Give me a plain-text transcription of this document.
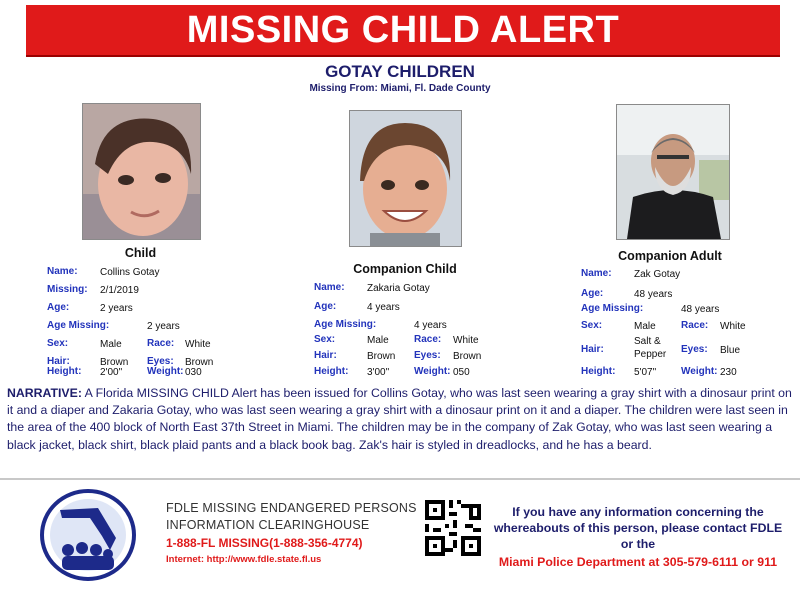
MISSING CHILD ALERT
GOTAY CHILDREN
Missing From: Miami, Fl. Dade County
Child
Name: Collins Gotay
Missing: 2/1/2019
Age:	2 years
Age Missing:	2 years
Sex:	Male	Race: White
Hair:	Brown Eyes: Brown
Height: 2'00" Weight: 030
Companion Child
Name: Zakaria Gotay
Age:	4 years
Age Missing:	4 years
Sex:	Male	Race: White
Hair:	Brown Eyes: Brown
Height: 3'00" Weight: 050
Companion Adult
Name: Zak Gotay
Age:	48 years
Age Missing:	48 years
Sex:	Male	Race: White
Hair:
Salt &
Pepper Eyes: Blue
Height: 5'07" Weight: 230
NARRATIVE: A Florida MISSING CHILD Alert has been issued for Collins Gotay, who was last seen wearing a gray shirt with a dinosaur print on it and a diaper and Zakaria Gotay, who was last seen wearing a gray shirt with a dinosaur print on it and a diaper. The children were last seen in the area of the 400 block of North East 37th Street in Miami. The children may be in the company of Zak Gotay, who was last seen wearing a black jacket, black shirt, black plaid pants and a black book bag. Zak's hair is styled in dreadlocks, and he has a beard.
FDLE MISSING ENDANGERED PERSONS
INFORMATION CLEARINGHOUSE
1-888-FL MISSING(1-888-356-4774)
Internet: http://www.fdle.state.fl.us
If you have any information concerning the
whereabouts of this person, please contact FDLE
or the
Miami Police Department at 305-579-6111 or 911
